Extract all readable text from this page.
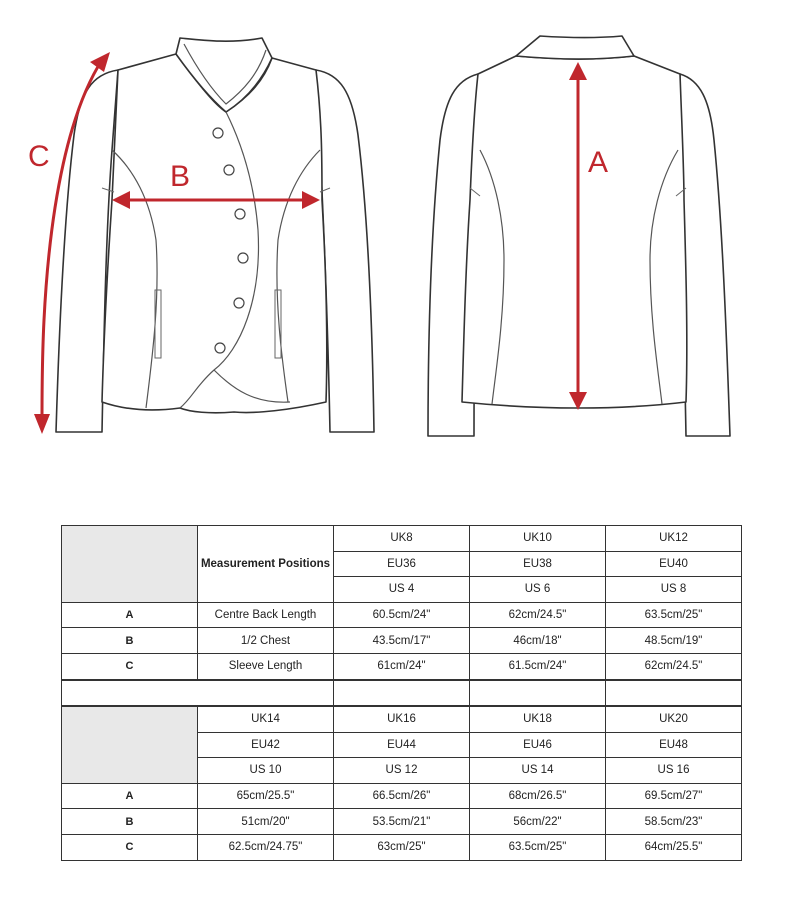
C
B	A
	Measurement Positions	UK8	UK10	UK12
		EU36	EU38	EU40
		US 4	US 6	US 8
A	Centre Back Length	60.5cm/24"	62cm/24.5"	63.5cm/25"
B	1/2 Chest	43.5cm/17"	46cm/18"	48.5cm/19"
C	Sleeve Length	61cm/24"	61.5cm/24"	62cm/24.5"

	UK14	UK16	UK18	UK20
	EU42	EU44	EU46	EU48
	US 10	US 12	US 14	US 16
A	65cm/25.5"	66.5cm/26"	68cm/26.5"	69.5cm/27"
B	51cm/20"	53.5cm/21"	56cm/22"	58.5cm/23"
C	62.5cm/24.75"	63cm/25"	63.5cm/25"	64cm/25.5"
